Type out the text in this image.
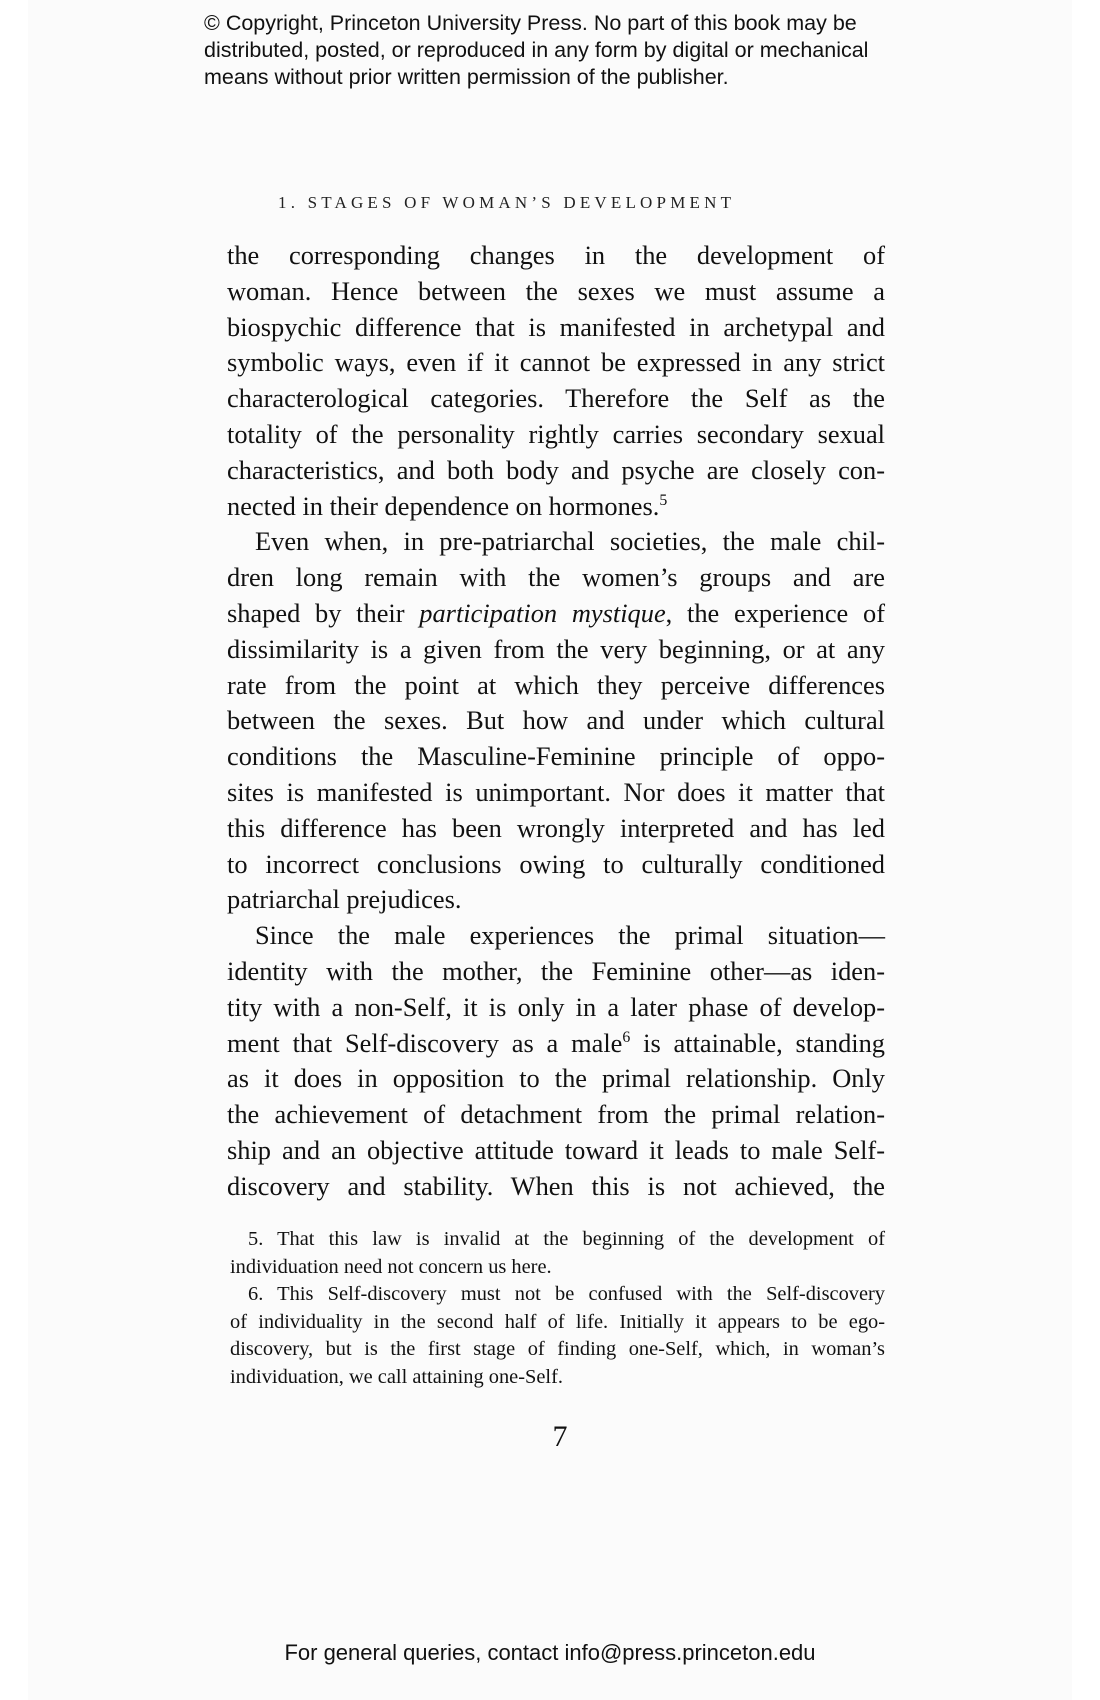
© Copyright, Princeton University Press. No part of this book may be
distributed, posted, or reproduced in any form by digital or mechanical
means without prior written permission of the publisher.
1. STAGES OF WOMAN’S DEVELOPMENT
the corresponding changes in the development of
woman. Hence between the sexes we must assume a
biospychic difference that is manifested in archetypal and
symbolic ways, even if it cannot be expressed in any strict
characterological categories. Therefore the Self as the
totality of the personality rightly carries secondary sexual
characteristics, and both body and psyche are closely con-
nected in their dependence on hormones.$^5$
Even when, in pre-patriarchal societies, the male chil-
dren long remain with the women’s groups and are
shaped by their participation mystique, the experience of
dissimilarity is a given from the very beginning, or at any
rate from the point at which they perceive differences
between the sexes. But how and under which cultural
conditions the Masculine-Feminine principle of oppo-
sites is manifested is unimportant. Nor does it matter that
this difference has been wrongly interpreted and has led
to incorrect conclusions owing to culturally conditioned
patriarchal prejudices.
Since the male experiences the primal situation—
identity with the mother, the Feminine other—as iden-
tity with a non-Self, it is only in a later phase of develop-
ment that Self-discovery as a male$^6$ is attainable, standing
as it does in opposition to the primal relationship. Only
the achievement of detachment from the primal relation-
ship and an objective attitude toward it leads to male Self-
discovery and stability. When this is not achieved, the
5. That this law is invalid at the beginning of the development of
individuation need not concern us here.
6. This Self-discovery must not be confused with the Self-discovery
of individuality in the second half of life. Initially it appears to be ego-
discovery, but is the first stage of finding one-Self, which, in woman’s
individuation, we call attaining one-Self.
7
For general queries, contact info@press.princeton.edu
